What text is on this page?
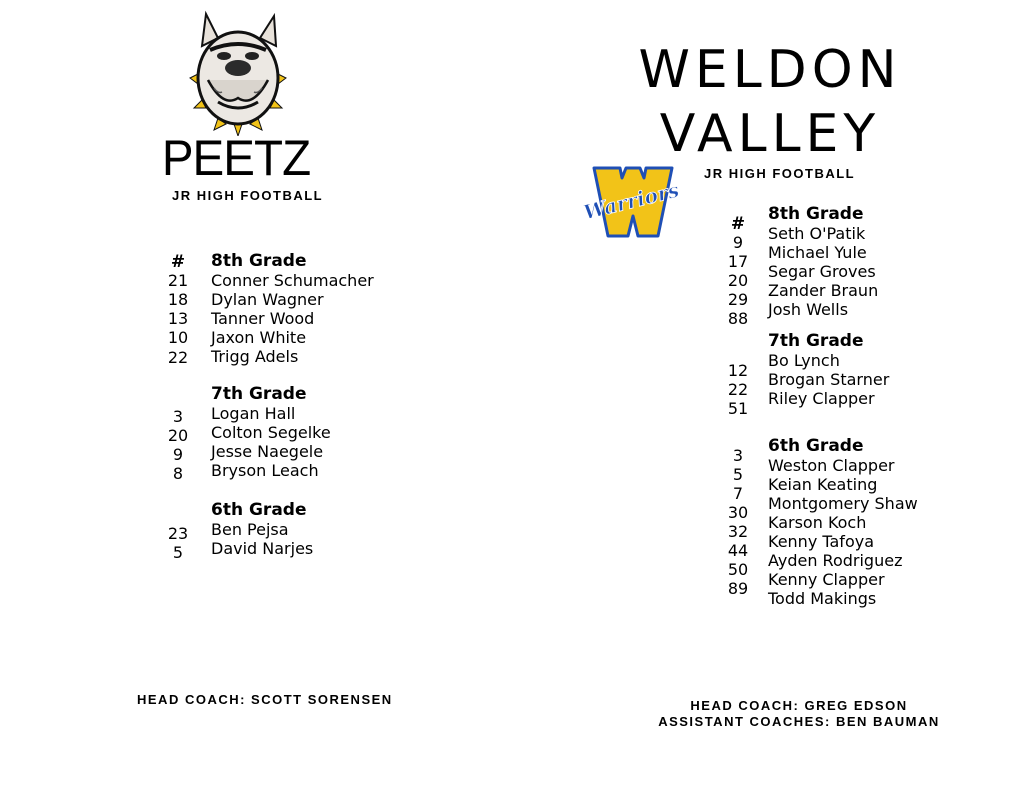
PEETZ
JR HIGH FOOTBALL
#
21
18
13
10
22
8th Grade
Conner Schumacher
Dylan Wagner
Tanner Wood
Jaxon White
Trigg Adels
3
20
9
8
7th Grade
Logan Hall
Colton Segelke
Jesse Naegele
Bryson Leach
23
5
6th Grade
Ben Pejsa
David Narjes
HEAD COACH: SCOTT SORENSEN
WELDON
VALLEY
JR HIGH FOOTBALL
Warriors	#
9
17
20
29
88
8th Grade
Seth O'Patik
Michael Yule
Segar Groves
Zander Braun
Josh Wells
12
22
51
7th Grade
Bo Lynch
Brogan Starner
Riley Clapper
3
5
7
30
32
44
50
89
6th Grade
Weston Clapper
Keian Keating
Montgomery Shaw
Karson Koch
Kenny Tafoya
Ayden Rodriguez
Kenny Clapper
Todd Makings
HEAD COACH: GREG EDSON
ASSISTANT COACHES: BEN BAUMAN
